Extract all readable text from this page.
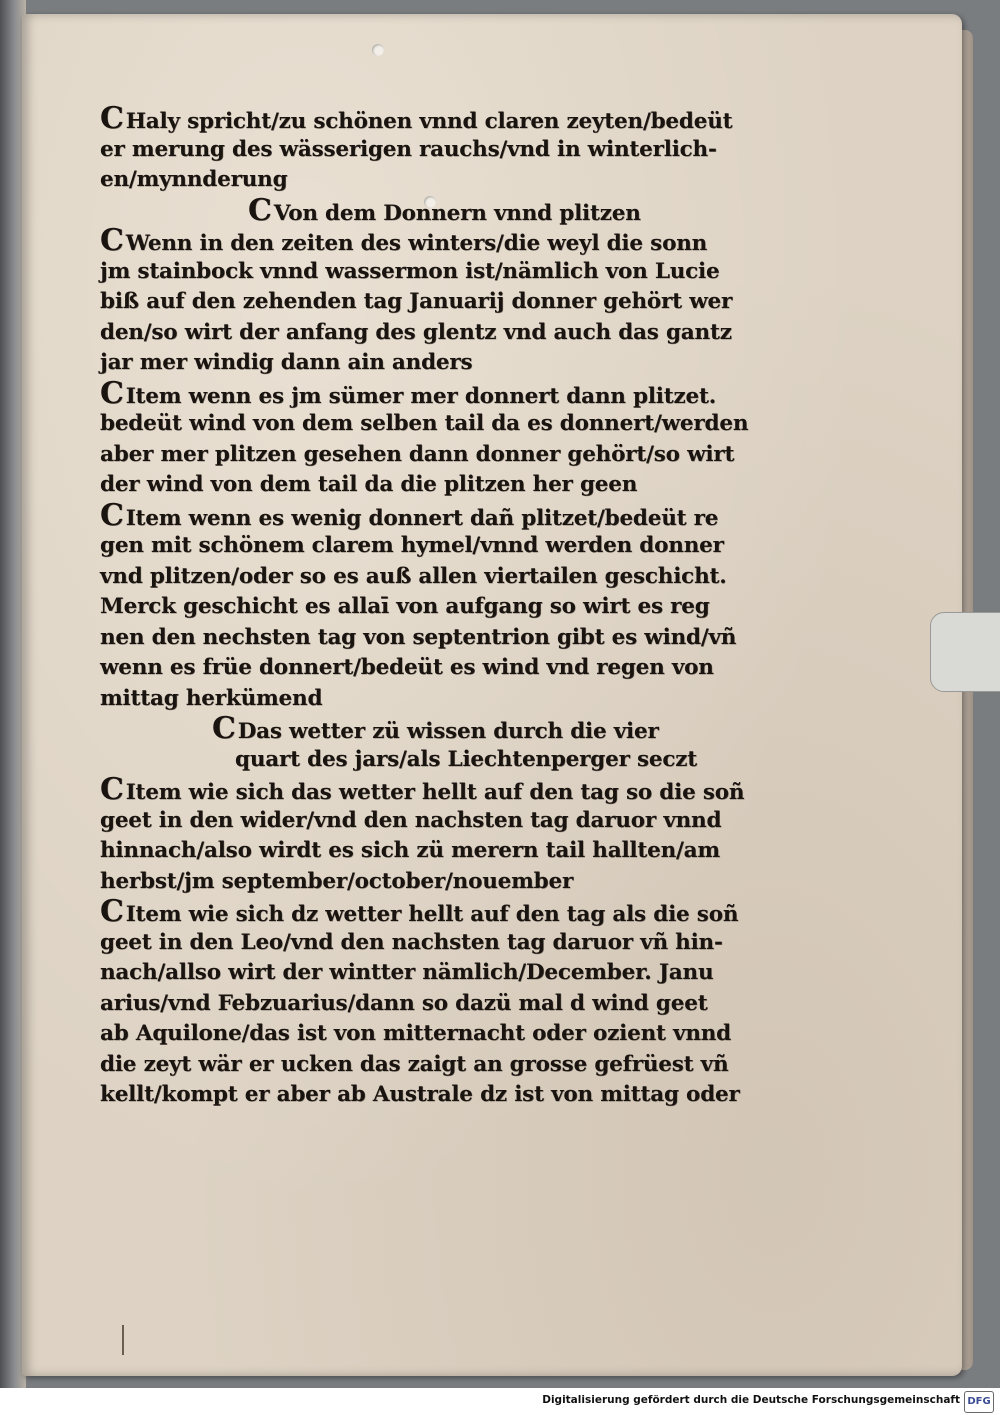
CHaly spricht/zu schönen vnnd claren zeyten/bedeüt
er merung des wässerigen rauchs/vnd in winterlich-
en/mynnderung
CVon dem Donnern vnnd plitzen
CWenn in den zeiten des winters/die weyl die sonn
jm stainbock vnnd wassermon ist/nämlich von Lucie
biß auf den zehenden tag Januarij donner gehört wer
den/so wirt der anfang des glentz vnd auch das gantz
jar mer windig dann ain anders
CItem wenn es jm sümer mer donnert dann plitzet.
bedeüt wind von dem selben tail da es donnert/werden
aber mer plitzen gesehen dann donner gehört/so wirt
der wind von dem tail da die plitzen her geen
CItem wenn es wenig donnert dañ plitzet/bedeüt re
gen mit schönem clarem hymel/vnnd werden donner
vnd plitzen/oder so es auß allen viertailen geschicht.
Merck geschicht es allaī von aufgang so wirt es reg
nen den nechsten tag von septentrion gibt es wind/vñ
wenn es früe donnert/bedeüt es wind vnd regen von
mittag herkümend
CDas wetter zü wissen durch die vier
quart des jars/als Liechtenperger seczt
CItem wie sich das wetter hellt auf den tag so die soñ
geet in den wider/vnd den nachsten tag daruor vnnd
hinnach/also wirdt es sich zü merern tail hallten/am
herbst/jm september/october/nouember
CItem wie sich dz wetter hellt auf den tag als die soñ
geet in den Leo/vnd den nachsten tag daruor vñ hin-
nach/allso wirt der wintter nämlich/December. Janu
arius/vnd Febzuarius/dann so dazü mal d wind geet
ab Aquilone/das ist von mitternacht oder ozient vnnd
die zeyt wär er ucken das zaigt an grosse gefrüest vñ
kellt/kompt er aber ab Australe dz ist von mittag oder
Digitalisierung gefördert durch die Deutsche Forschungsgemeinschaft DFG
